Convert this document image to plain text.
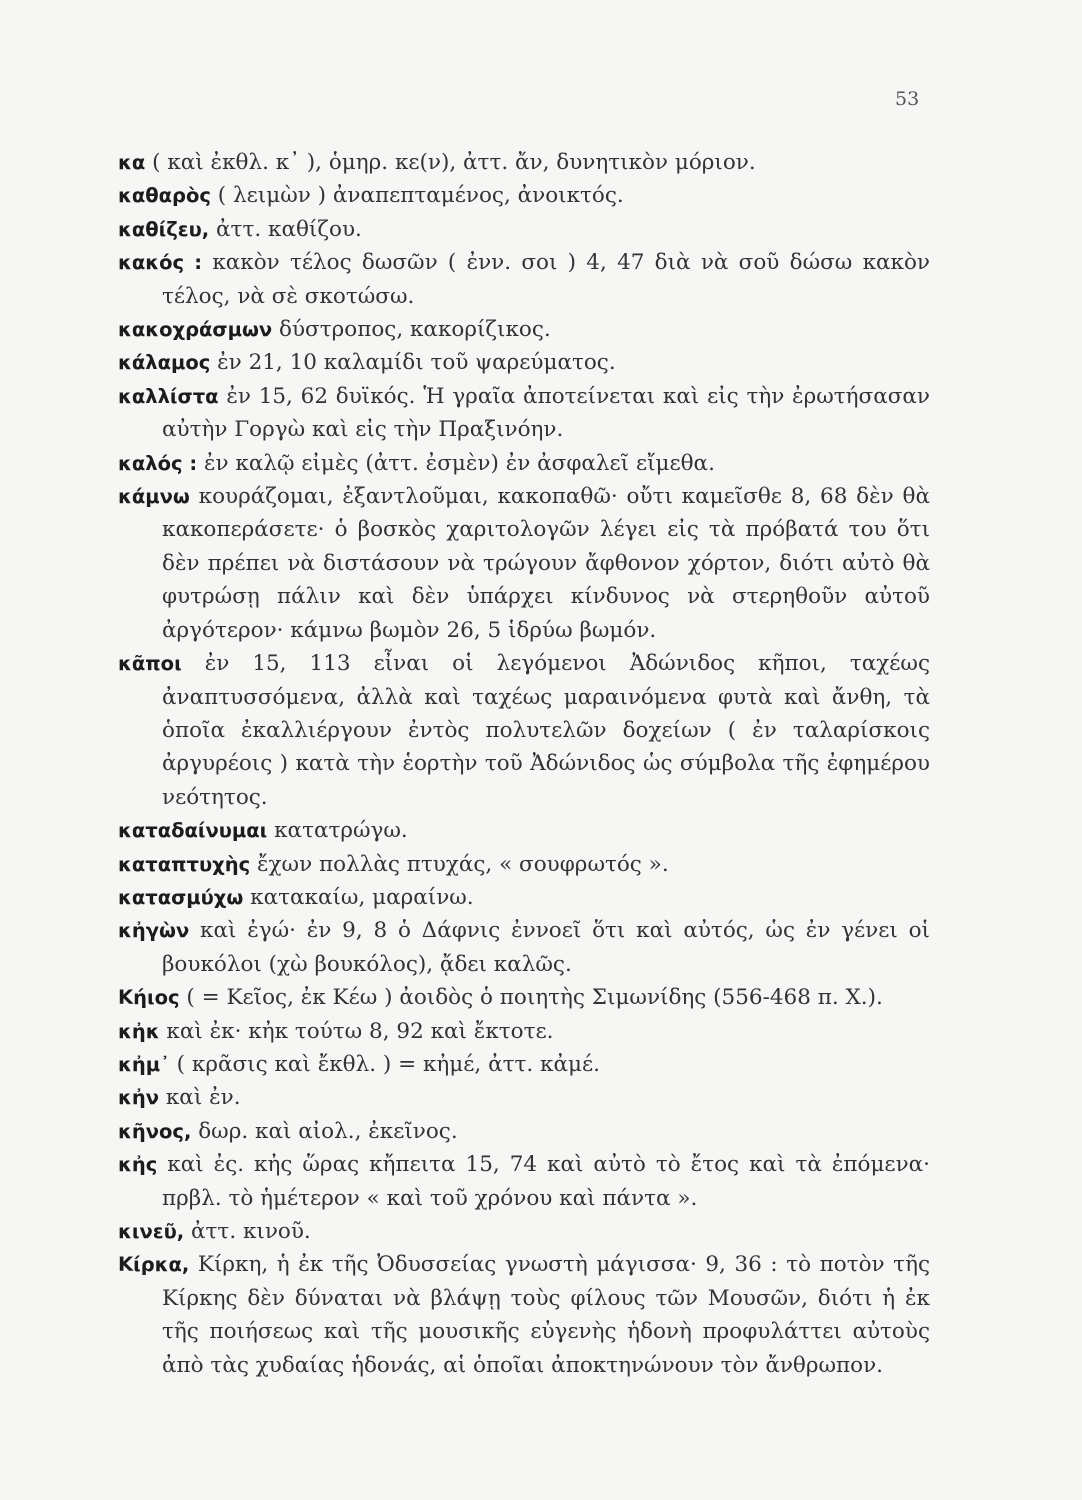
53

κα ( καὶ ἐκθλ. κ᾽ ), ὁμηρ. κε(ν), ἀττ. ἄν, δυνητικὸν μόριον.

καθαρὸς ( λειμὼν ) ἀναπεπταμένος, ἀνοικτός.

καθίζευ, ἀττ. καθίζου.

κακός : κακὸν τέλος δωσῶν ( ἐνν. σοι ) 4, 47 διὰ νὰ σοῦ δώσω κακὸν τέλος, νὰ σὲ σκοτώσω.

κακοχράσμων δύστροπος, κακορίζικος.

κάλαμος ἐν 21, 10 καλαμίδι τοῦ ψαρεύματος.

καλλίστα ἐν 15, 62 δυϊκός. Ἡ γραῖα ἀποτείνεται καὶ εἰς τὴν ἐρωτήσασαν αὐτὴν Γοργὼ καὶ εἰς τὴν Πραξινόην.

καλός : ἐν καλῷ εἰμὲς (ἀττ. ἐσμὲν) ἐν ἀσφαλεῖ εἴμεθα.

κάμνω κουράζομαι, ἐξαντλοῦμαι, κακοπαθῶ· οὔτι καμεῖσθε 8, 68 δὲν θὰ κακοπεράσετε· ὁ βοσκὸς χαριτολογῶν λέγει εἰς τὰ πρόβατά του ὅτι δὲν πρέπει νὰ διστάσουν νὰ τρώγουν ἄφθονον χόρτον, διότι αὐτὸ θὰ φυτρώσῃ πάλιν καὶ δὲν ὑπάρχει κίνδυνος νὰ στερηθοῦν αὐτοῦ ἀργότερον· κάμνω βωμὸν 26, 5 ἱδρύω βωμόν.

κᾶποι ἐν 15, 113 εἶναι οἱ λεγόμενοι Ἀδώνιδος κῆποι, ταχέως ἀναπτυσσόμενα, ἀλλὰ καὶ ταχέως μαραινόμενα φυτὰ καὶ ἄνθη, τὰ ὁποῖα ἐκαλλιέργουν ἐντὸς πολυτελῶν δοχείων ( ἐν ταλαρίσκοις ἀργυρέοις ) κατὰ τὴν ἑορτὴν τοῦ Ἀδώνιδος ὡς σύμβολα τῆς ἐφημέρου νεότητος.

καταδαίνυμαι κατατρώγω.

καταπτυχὴς ἔχων πολλὰς πτυχάς, « σουφρωτός ».

κατασμύχω κατακαίω, μαραίνω.

κἠγὼν καὶ ἐγώ· ἐν 9, 8 ὁ Δάφνις ἐννοεῖ ὅτι καὶ αὐτός, ὡς ἐν γένει οἱ βουκόλοι (χὼ βουκόλος), ᾄδει καλῶς.

Κήιος ( = Κεῖος, ἐκ Κέω ) ἀοιδὸς ὁ ποιητὴς Σιμωνίδης (556-468 π. Χ.).

κἠκ καὶ ἐκ· κἠκ τούτω 8, 92 καὶ ἔκτοτε.

κἠμ᾽ ( κρᾶσις καὶ ἔκθλ. ) = κἠμέ, ἀττ. κἀμέ.

κἠν καὶ ἐν.

κῆνος, δωρ. καὶ αἰολ., ἐκεῖνος.

κἠς καὶ ἐς. κἠς ὥρας κἤπειτα 15, 74 καὶ αὐτὸ τὸ ἔτος καὶ τὰ ἐπόμενα· πρβλ. τὸ ἡμέτερον « καὶ τοῦ χρόνου καὶ πάντα ».

κινεῦ, ἀττ. κινοῦ.

Κίρκα, Κίρκη, ἡ ἐκ τῆς Ὀδυσσείας γνωστὴ μάγισσα· 9, 36 : τὸ ποτὸν τῆς Κίρκης δὲν δύναται νὰ βλάψῃ τοὺς φίλους τῶν Μουσῶν, διότι ἡ ἐκ τῆς ποιήσεως καὶ τῆς μουσικῆς εὐγενὴς ἡδονὴ προφυλάττει αὐτοὺς ἀπὸ τὰς χυδαίας ἡδονάς, αἱ ὁποῖαι ἀποκτηνώνουν τὸν ἄνθρωπον.
